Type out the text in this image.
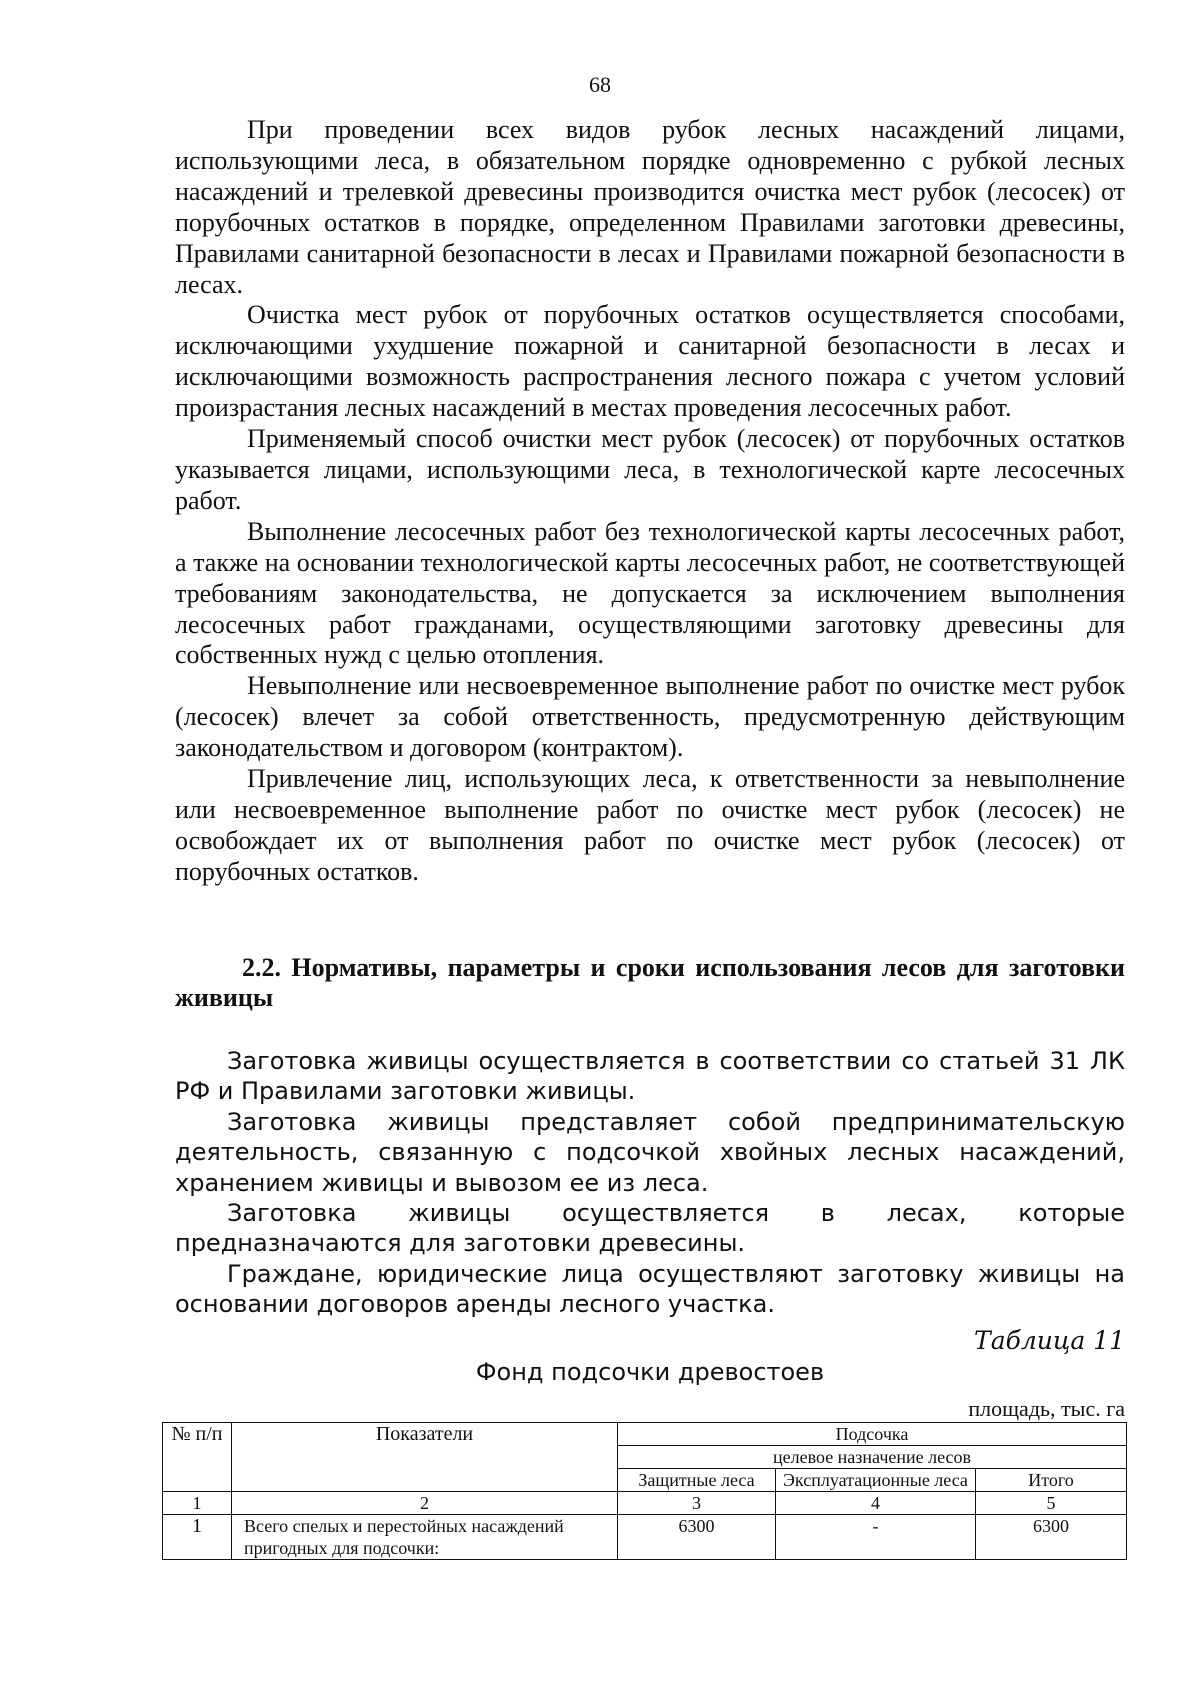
68

При проведении всех видов рубок лесных насаждений лицами, использующими леса, в обязательном порядке одновременно с рубкой лесных насаждений и трелевкой древесины производится очистка мест рубок (лесосек) от порубочных остатков в порядке, определенном Правилами заготовки древесины, Правилами санитарной безопасности в лесах и Правилами пожарной безопасности в лесах.

Очистка мест рубок от порубочных остатков осуществляется способами, исключающими ухудшение пожарной и санитарной безопасности в лесах и исключающими возможность распространения лесного пожара с учетом условий произрастания лесных насаждений в местах проведения лесосечных работ.

Применяемый способ очистки мест рубок (лесосек) от порубочных остатков указывается лицами, использующими леса, в технологической карте лесосечных работ.

Выполнение лесосечных работ без технологической карты лесосечных работ, а также на основании технологической карты лесосечных работ, не соответствующей требованиям законодательства, не допускается за исключением выполнения лесосечных работ гражданами, осуществляющими заготовку древесины для собственных нужд с целью отопления.

Невыполнение или несвоевременное выполнение работ по очистке мест рубок (лесосек) влечет за собой ответственность, предусмотренную действующим законодательством и договором (контрактом).

Привлечение лиц, использующих леса, к ответственности за невыполнение или несвоевременное выполнение работ по очистке мест рубок (лесосек) не освобождает их от выполнения работ по очистке мест рубок (лесосек) от порубочных остатков.

2.2. Нормативы, параметры и сроки использования лесов для заготовки живицы

Заготовка живицы осуществляется в соответствии со статьей 31 ЛК РФ и Правилами заготовки живицы.

Заготовка живицы представляет собой предпринимательскую деятельность, связанную с подсочкой хвойных лесных насаждений, хранением живицы и вывозом ее из леса.

Заготовка живицы осуществляется в лесах, которые предназначаются для заготовки древесины.

Граждане, юридические лица осуществляют заготовку живицы на основании договоров аренды лесного участка.

Таблица 11
Фонд подсочки древостоев
площадь, тыс. га
№ п/п	Показатели	Подсочка		
		целевое назначение лесов		
		Защитные леса	Эксплуатационные леса	Итого
1	2	3	4	5
1	Всего спелых и перестойных насаждений пригодных для подсочки:	6300	-	6300
